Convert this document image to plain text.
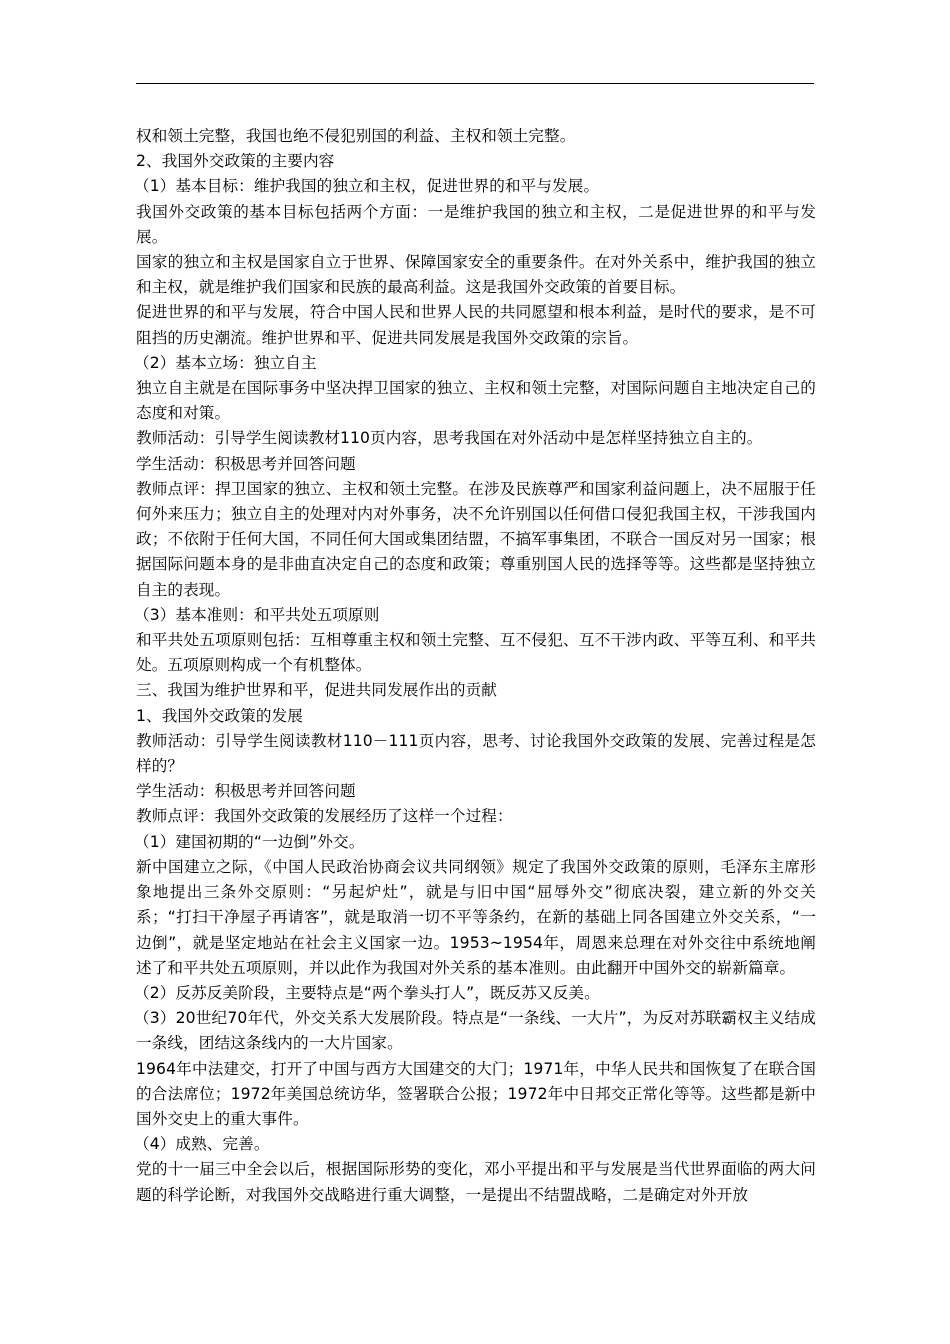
权和领土完整，我国也绝不侵犯别国的利益、主权和领土完整。

2、我国外交政策的主要内容

（1）基本目标：维护我国的独立和主权，促进世界的和平与发展。

我国外交政策的基本目标包括两个方面：一是维护我国的独立和主权，二是促进世界的和平与发展。

国家的独立和主权是国家自立于世界、保障国家安全的重要条件。在对外关系中，维护我国的独立和主权，就是维护我们国家和民族的最高利益。这是我国外交政策的首要目标。

促进世界的和平与发展，符合中国人民和世界人民的共同愿望和根本利益，是时代的要求，是不可阻挡的历史潮流。维护世界和平、促进共同发展是我国外交政策的宗旨。

（2）基本立场：独立自主

独立自主就是在国际事务中坚决捍卫国家的独立、主权和领土完整，对国际问题自主地决定自己的态度和对策。

教师活动：引导学生阅读教材110页内容，思考我国在对外活动中是怎样坚持独立自主的。

学生活动：积极思考并回答问题

教师点评：捍卫国家的独立、主权和领土完整。在涉及民族尊严和国家利益问题上，决不屈服于任何外来压力；独立自主的处理对内对外事务，决不允许别国以任何借口侵犯我国主权，干涉我国内政；不依附于任何大国，不同任何大国或集团结盟，不搞军事集团，不联合一国反对另一国家；根据国际问题本身的是非曲直决定自己的态度和政策；尊重别国人民的选择等等。这些都是坚持独立自主的表现。

（3）基本准则：和平共处五项原则

和平共处五项原则包括：互相尊重主权和领土完整、互不侵犯、互不干涉内政、平等互利、和平共处。五项原则构成一个有机整体。

三、我国为维护世界和平，促进共同发展作出的贡献

1、我国外交政策的发展

教师活动：引导学生阅读教材110－111页内容，思考、讨论我国外交政策的发展、完善过程是怎样的？

学生活动：积极思考并回答问题

教师点评：我国外交政策的发展经历了这样一个过程：

（1）建国初期的“一边倒”外交。

新中国建立之际，《中国人民政治协商会议共同纲领》规定了我国外交政策的原则，毛泽东主席形象地提出三条外交原则：“另起炉灶”，就是与旧中国“屈辱外交”彻底决裂，建立新的外交关系；“打扫干净屋子再请客”，就是取消一切不平等条约，在新的基础上同各国建立外交关系，“一边倒”，就是坚定地站在社会主义国家一边。1953~1954年，周恩来总理在对外交往中系统地阐述了和平共处五项原则，并以此作为我国对外关系的基本准则。由此翻开中国外交的崭新篇章。

（2）反苏反美阶段，主要特点是“两个拳头打人”，既反苏又反美。

（3）20世纪70年代，外交关系大发展阶段。特点是“一条线、一大片”，为反对苏联霸权主义结成一条线，团结这条线内的一大片国家。

1964年中法建交，打开了中国与西方大国建交的大门；1971年，中华人民共和国恢复了在联合国的合法席位；1972年美国总统访华，签署联合公报；1972年中日邦交正常化等等。这些都是新中国外交史上的重大事件。

（4）成熟、完善。

党的十一届三中全会以后，根据国际形势的变化，邓小平提出和平与发展是当代世界面临的两大问题的科学论断，对我国外交战略进行重大调整，一是提出不结盟战略，二是确定对外开放
